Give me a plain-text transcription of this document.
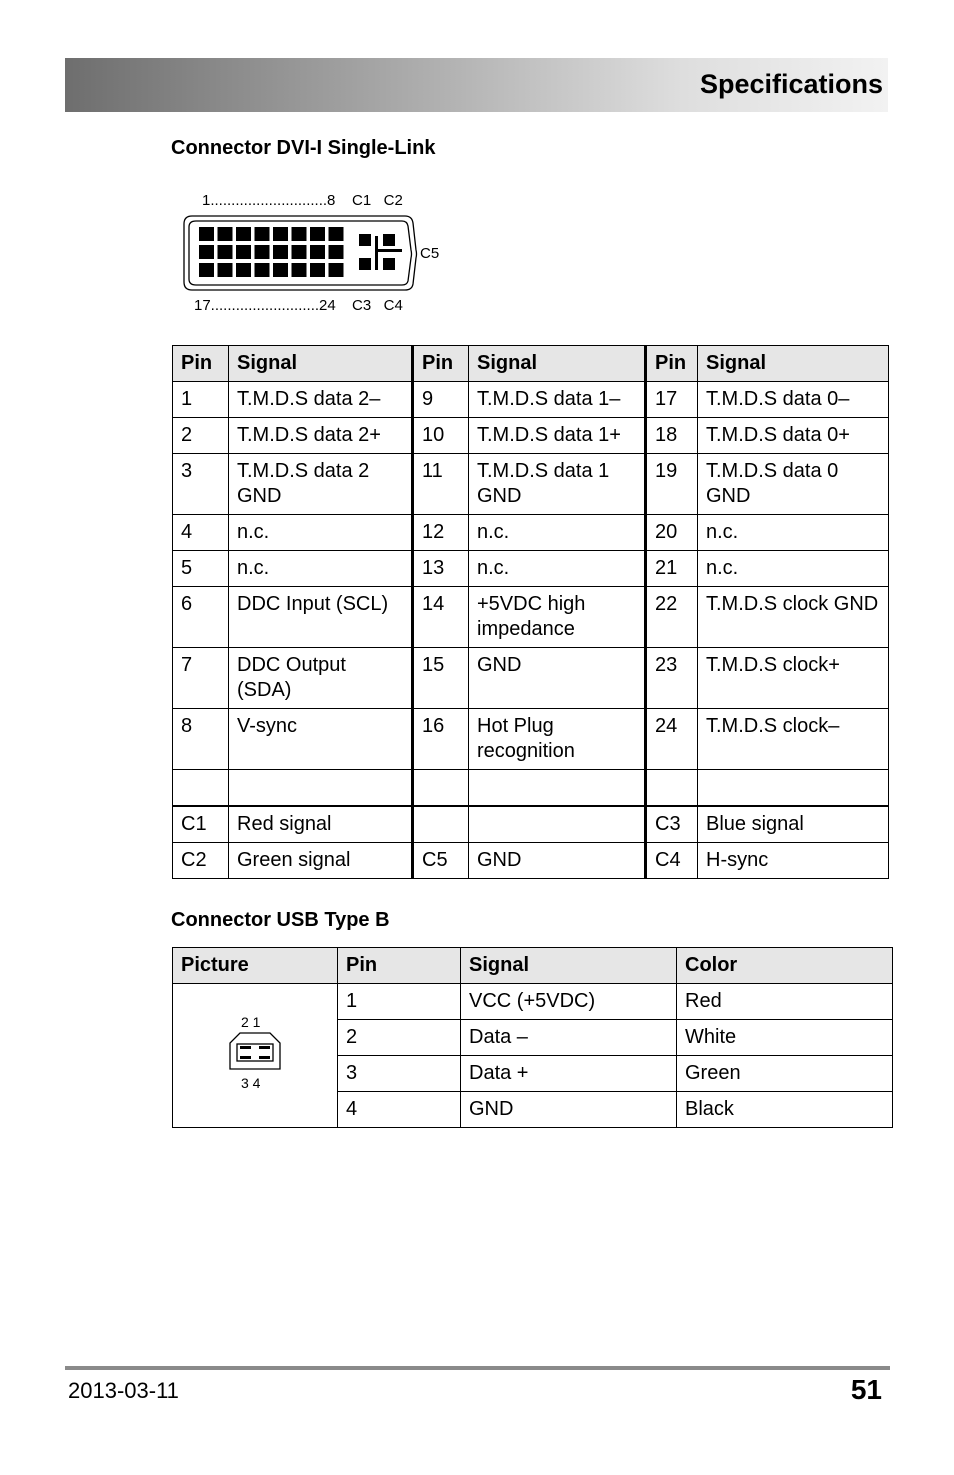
Specifications
Connector DVI-I Single-Link
1............................8 C1   C2
C5
17..........................24 C3   C4
Pin	Signal	Pin	Signal	Pin	Signal
1	T.M.D.S data 2–	9	T.M.D.S data 1–	17	T.M.D.S data 0–
2	T.M.D.S data 2+	10	T.M.D.S data 1+	18	T.M.D.S data 0+
3	T.M.D.S data 2 GND	11	T.M.D.S data 1 GND	19	T.M.D.S data 0 GND
4	n.c.	12	n.c.	20	n.c.
5	n.c.	13	n.c.	21	n.c.
6	DDC Input (SCL)	14	+5VDC high impedance	22	T.M.D.S clock GND
7	DDC Output (SDA)	15	GND	23	T.M.D.S clock+
8	V-sync	16	Hot Plug recognition	24	T.M.D.S clock–

C1	Red signal			C3	Blue signal
C2	Green signal	C5	GND	C4	H-sync
Connector USB Type B
Picture	Pin	Signal	Color

2 1
3 4	1	VCC (+5VDC)	Red
	2	Data –	White
	3	Data +	Green
	4	GND	Black
2013-03-11	51
